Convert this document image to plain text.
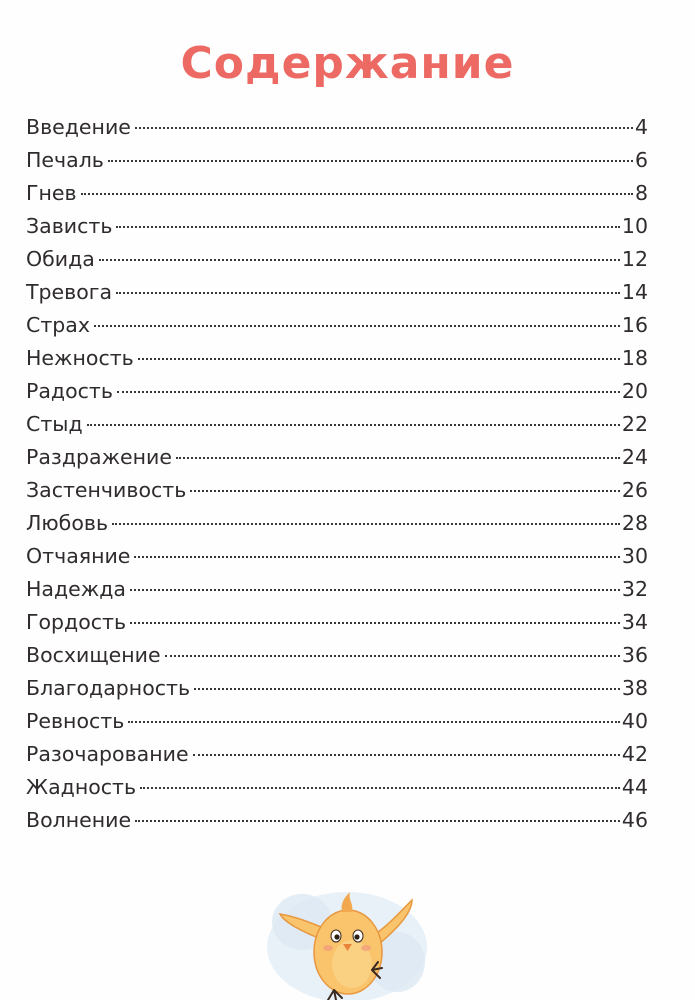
Содержание
Введение	4
Печаль	6
Гнев	8
Зависть	10
Обида	12
Тревога	14
Страх	16
Нежность	18
Радость	20
Стыд	22
Раздражение	24
Застенчивость	26
Любовь	28
Отчаяние	30
Надежда	32
Гордость	34
Восхищение	36
Благодарность	38
Ревность	40
Разочарование	42
Жадность	44
Волнение	46
